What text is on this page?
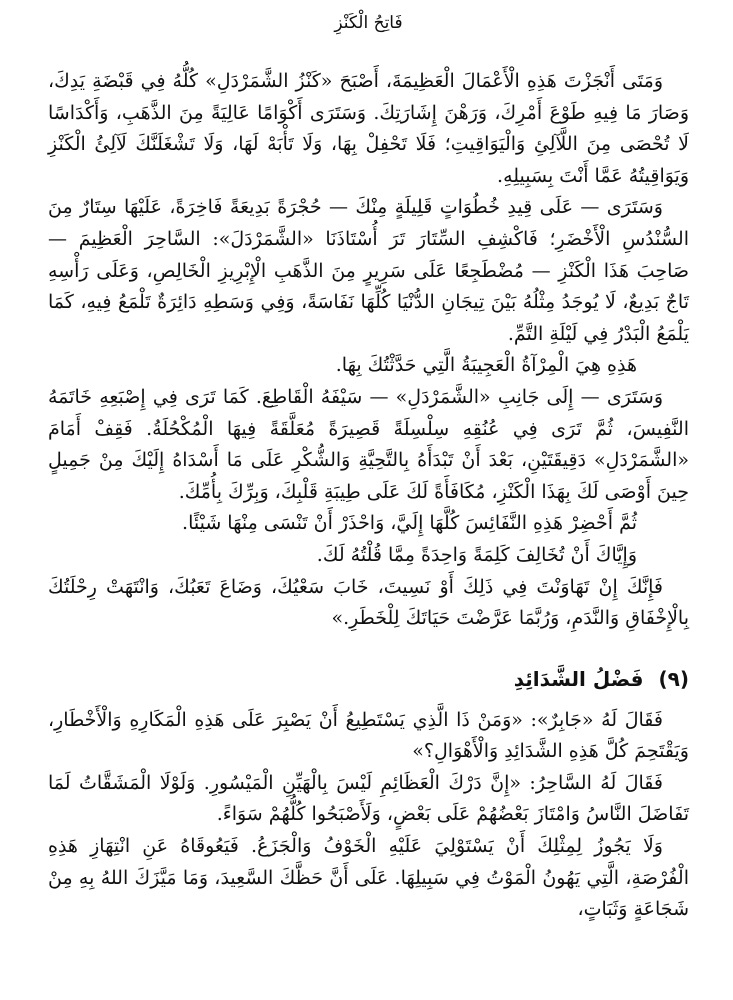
فَاتِحُ الْكَنْزِ

وَمَتَى أَنْجَزْتَ هَذِهِ الْأَعْمَالَ الْعَظِيمَةَ، أَصْبَحَ «كَنْزُ الشَّمَرْدَلِ» كُلُّهُ فِي قَبْضَةِ يَدِكَ، وَصَارَ مَا فِيهِ طَوْعَ أَمْرِكَ، وَرَهْنَ إِشَارَتِكَ. وَسَتَرَى أَكْوَامًا عَالِيَةً مِنَ الذَّهَبِ، وَأَكْدَاسًا لَا تُحْصَى مِنَ اللَّآلِئِ وَالْيَوَاقِيتِ؛ فَلَا تَحْفِلْ بِهَا، وَلَا تَأْبَهْ لَهَا، وَلَا تَشْغَلَنَّكَ لَآلِئُ الْكَنْزِ وَيَوَاقِيتُهُ عَمَّا أَنْتَ بِسَبِيلِهِ.

وَسَتَرَى — عَلَى قِيدِ خُطُوَاتٍ قَلِيلَةٍ مِنْكَ — حُجْرَةً بَدِيعَةً فَاخِرَةً، عَلَيْهَا سِتَارٌ مِنَ السُّنْدُسِ الْأَخْضَرِ؛ فَاكْشِفِ السِّتَارَ تَرَ أُسْتَاذَنَا «الشَّمَرْدَلَ»: السَّاحِرَ الْعَظِيمَ — صَاحِبَ هَذَا الْكَنْزِ — مُضْطَجِعًا عَلَى سَرِيرٍ مِنَ الذَّهَبِ الْإِبْرِيزِ الْخَالِصِ، وَعَلَى رَأْسِهِ تَاجٌ بَدِيعٌ، لَا يُوجَدُ مِثْلُهُ بَيْنَ تِيجَانِ الدُّنْيَا كُلِّهَا نَفَاسَةً، وَفِي وَسَطِهِ دَائِرَةٌ تَلْمَعُ فِيهِ، كَمَا يَلْمَعُ الْبَدْرُ فِي لَيْلَةِ التَّمِّ.

هَذِهِ هِيَ الْمِرْآةُ الْعَجِيبَةُ الَّتِي حَدَّثْتُكَ بِهَا.

وَسَتَرَى — إِلَى جَانِبِ «الشَّمَرْدَلِ» — سَيْفَهُ الْقَاطِعَ. كَمَا تَرَى فِي إِصْبَعِهِ خَاتَمَهُ النَّفِيسَ، ثُمَّ تَرَى فِي عُنُقِهِ سِلْسِلَةً قَصِيرَةً مُعَلَّقَةً فِيهَا الْمُكْحُلَةُ. فَقِفْ أَمَامَ «الشَّمَرْدَلِ» دَقِيقَتَيْنِ، بَعْدَ أَنْ تَبْدَأَهُ بِالتَّحِيَّةِ وَالشُّكْرِ عَلَى مَا أَسْدَاهُ إِلَيْكَ مِنْ جَمِيلٍ حِينَ أَوْصَى لَكَ بِهَذَا الْكَنْزِ، مُكَافَأَةً لَكَ عَلَى طِيبَةِ قَلْبِكَ، وَبِرِّكَ بِأُمِّكَ.

ثُمَّ أَحْضِرْ هَذِهِ النَّفَائِسَ كُلَّهَا إِلَيَّ، وَاحْذَرْ أَنْ تَنْسَى مِنْهَا شَيْئًا.

وَإِيَّاكَ أَنْ تُخَالِفَ كَلِمَةً وَاحِدَةً مِمَّا قُلْتُهُ لَكَ.

فَإِنَّكَ إِنْ تَهَاوَنْتَ فِي ذَلِكَ أَوْ نَسِيتَ، خَابَ سَعْيُكَ، وَضَاعَ تَعَبُكَ، وَانْتَهَتْ رِحْلَتُكَ بِالْإِخْفَاقِ وَالنَّدَمِ، وَرُبَّمَا عَرَّضْتَ حَيَاتَكَ لِلْخَطَرِ.»

(٩) فَضْلُ الشَّدَائِدِ

فَقَالَ لَهُ «جَابِرٌ»: «وَمَنْ ذَا الَّذِي يَسْتَطِيعُ أَنْ يَصْبِرَ عَلَى هَذِهِ الْمَكَارِهِ وَالْأَخْطَارِ، وَيَقْتَحِمَ كُلَّ هَذِهِ الشَّدَائِدِ وَالْأَهْوَالِ؟»

فَقَالَ لَهُ السَّاحِرُ: «إِنَّ دَرْكَ الْعَظَائِمِ لَيْسَ بِالْهَيِّنِ الْمَيْسُورِ. وَلَوْلَا الْمَشَقَّاتُ لَمَا تَفَاضَلَ النَّاسُ وَامْتَازَ بَعْضُهُمْ عَلَى بَعْضٍ، وَلَأَصْبَحُوا كُلُّهُمْ سَوَاءً.

وَلَا يَجُوزُ لِمِثْلِكَ أَنْ يَسْتَوْلِيَ عَلَيْهِ الْخَوْفُ وَالْجَزَعُ. فَيَعُوقَاهُ عَنِ انْتِهَازِ هَذِهِ الْفُرْصَةِ، الَّتِي يَهُونُ الْمَوْتُ فِي سَبِيلِهَا. عَلَى أَنَّ حَظَّكَ السَّعِيدَ، وَمَا مَيَّزَكَ اللهُ بِهِ مِنْ شَجَاعَةٍ وَثَبَاتٍ،
